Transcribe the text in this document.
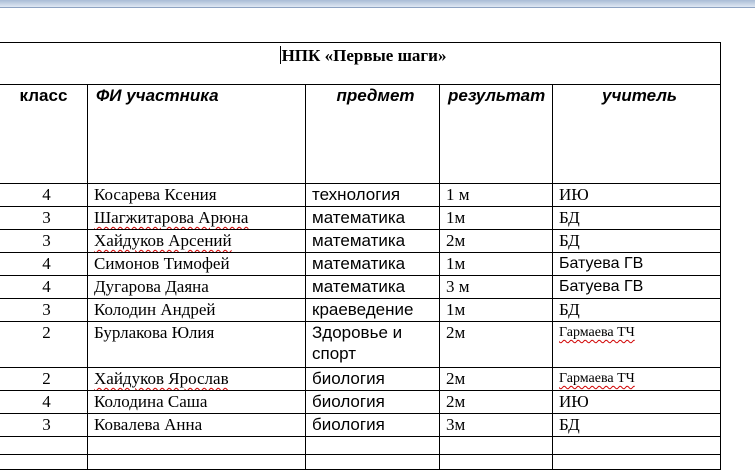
НПК «Первые шаги»				
класс	ФИ участника	предмет	результат	учитель
4	Косарева Ксения	технология	1 м	ИЮ
3	Шагжитарова Арюна	математика	1м	БД
3	Хайдуков Арсений	математика	2м	БД
4	Симонов Тимофей	математика	1м	Батуева ГВ
4	Дугарова Даяна	математика	3 м	Батуева ГВ
3	Колодин Андрей	краеведение	1м	БД
2	Бурлакова Юлия	Здоровье и спорт	2м	Гармаева ТЧ
2	Хайдуков Ярослав	биология	2м	Гармаева ТЧ
4	Колодина Саша	биология	2м	ИЮ
3	Ковалева Анна	биология	3м	БД
